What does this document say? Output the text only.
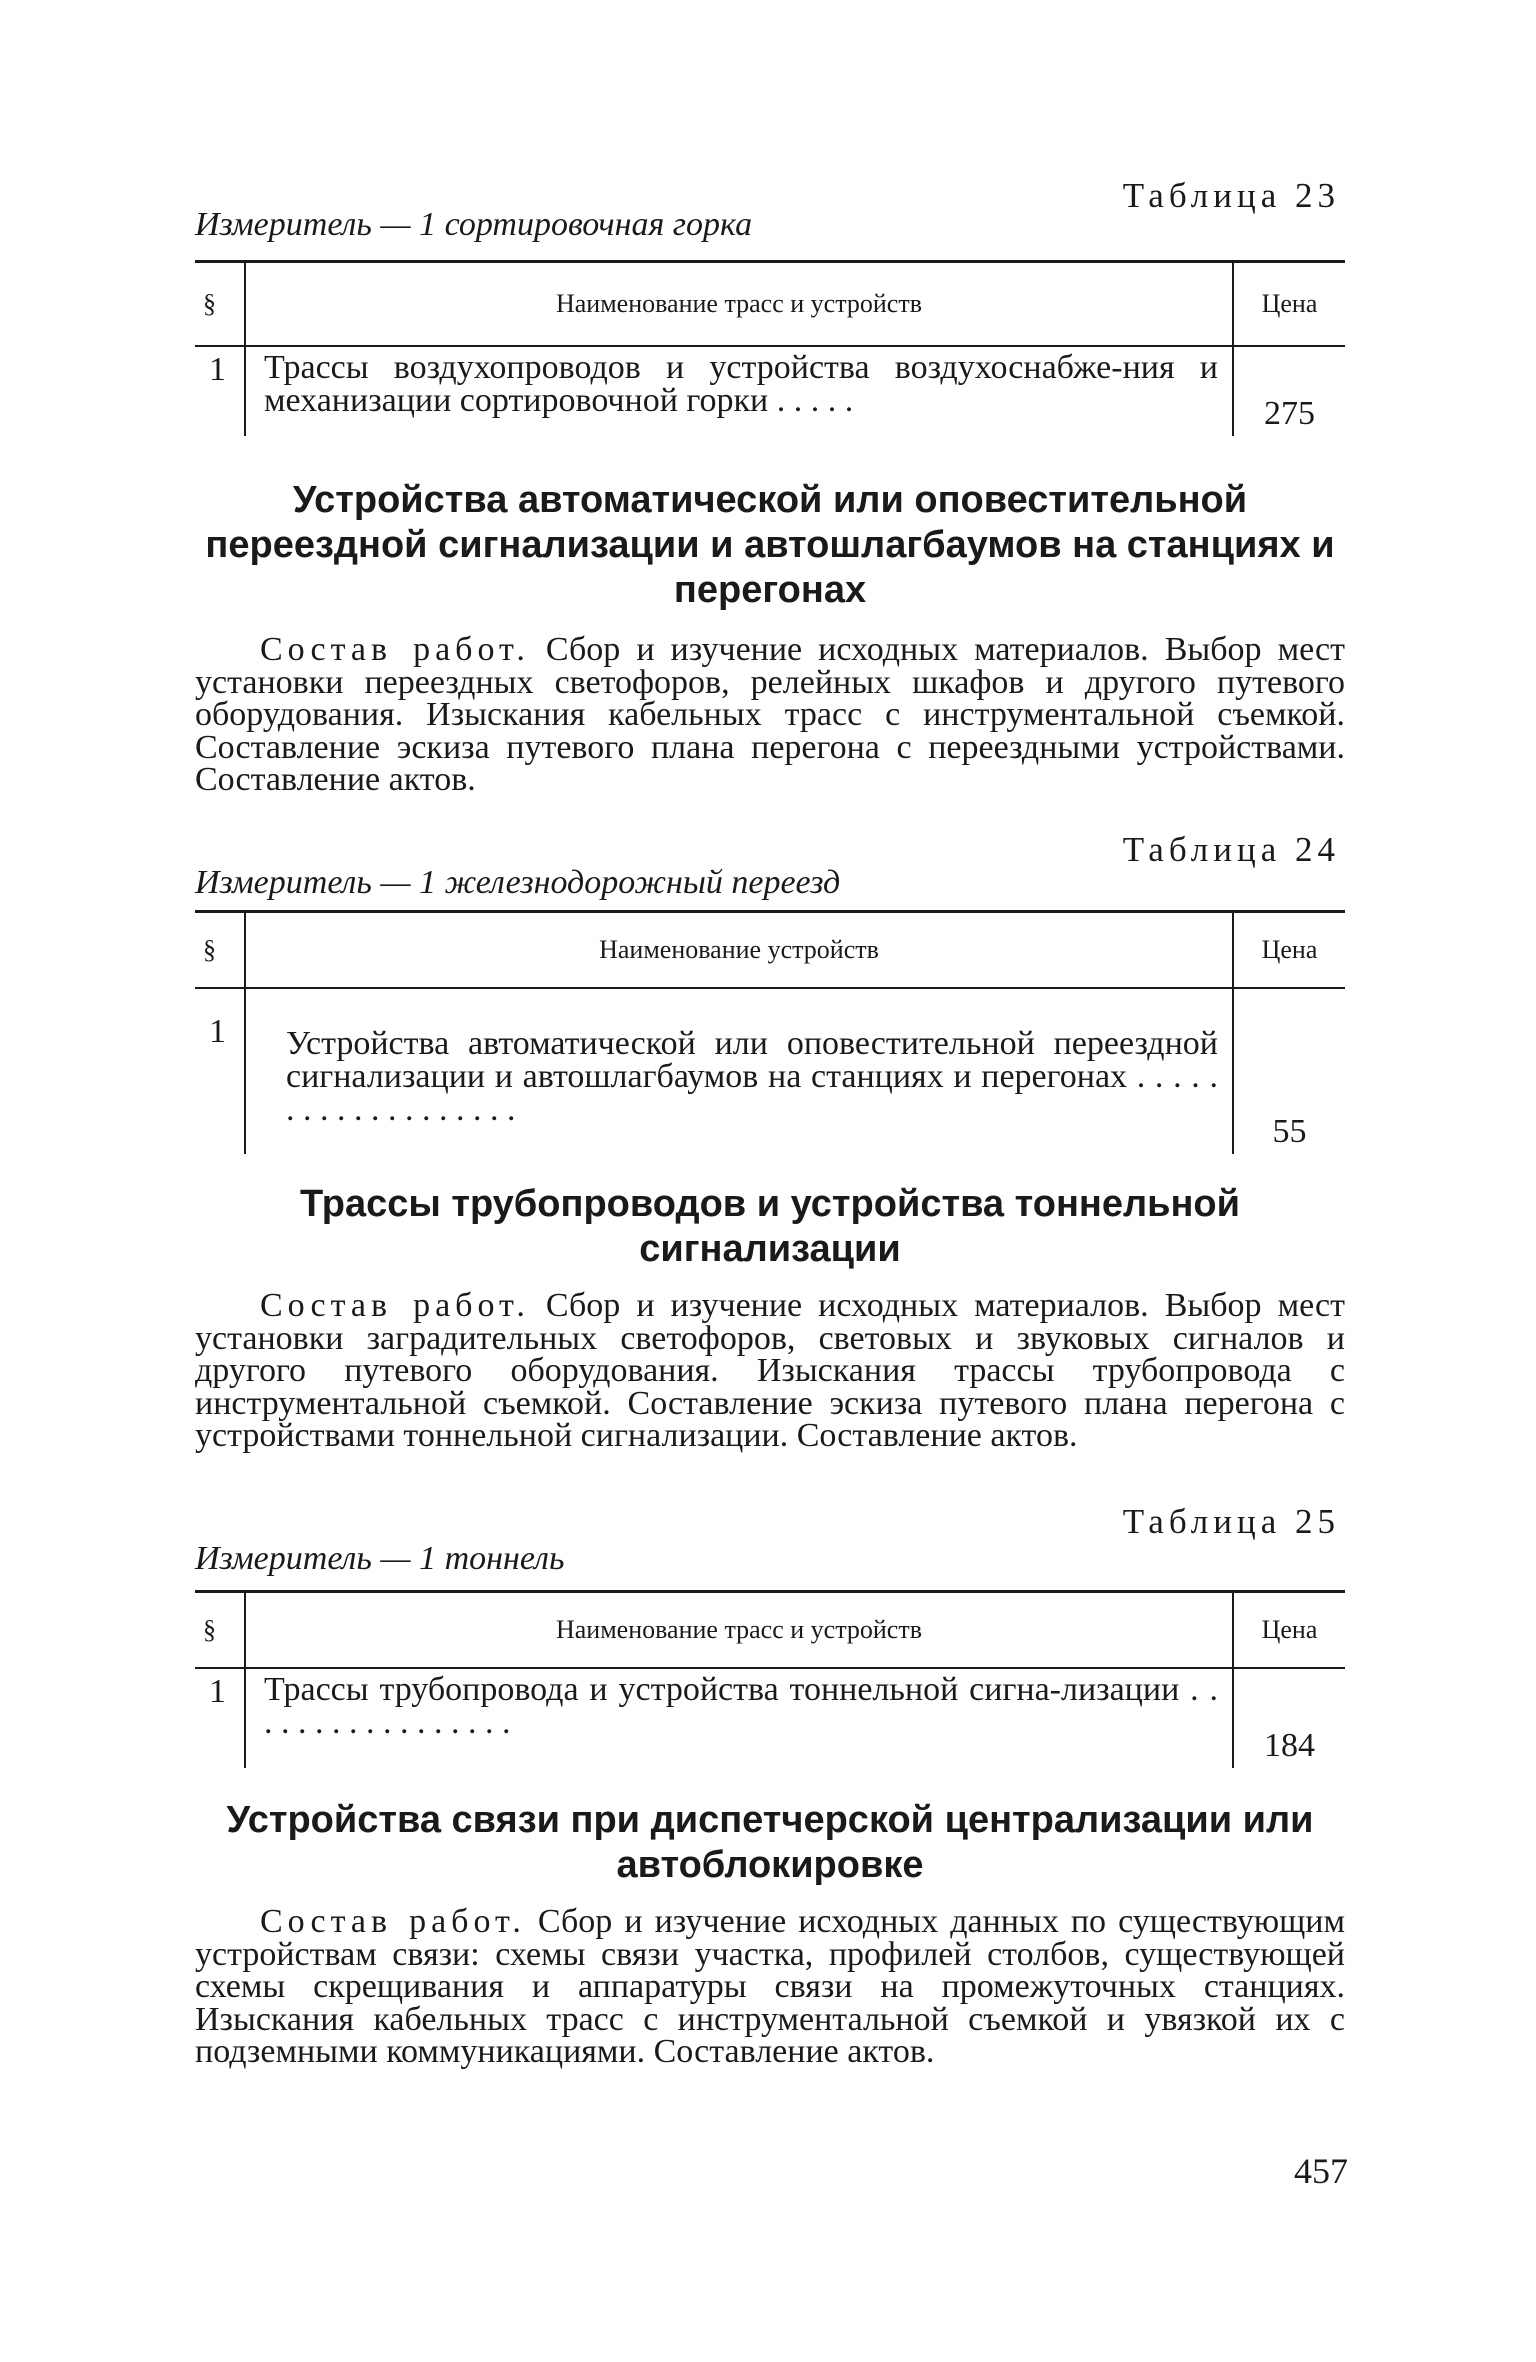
Таблица 23
Измеритель — 1 сортировочная горка
§	Наименование трасс и устройств	Цена
1	Трассы воздухопроводов и устройства воздухоснабже-ния и механизации сортировочной горки . . . . .	275
Устройства автоматической или оповестительной переездной сигнализации и автошлагбаумов на станциях и перегонах
Состав работ. Сбор и изучение исходных материалов. Выбор мест установки переездных светофоров, релейных шкафов и другого путевого оборудования. Изыскания кабельных трасс с инструментальной съемкой. Составление эскиза путевого плана перегона с переездными устройствами. Составление актов.
Таблица 24
Измеритель — 1 железнодорожный переезд
§	Наименование устройств	Цена
1	Устройства автоматической или оповестительной переездной сигнализации и автошлагбаумов на станциях и перегонах . . . . . . . . . . . . . . . . . . .	55
Трассы трубопроводов и устройства тоннельной сигнализации
Состав работ. Сбор и изучение исходных материалов. Выбор мест установки заградительных светофоров, световых и звуковых сигналов и другого путевого оборудования. Изыскания трассы трубопровода с инструментальной съемкой. Составление эскиза путевого плана перегона с устройствами тоннельной сигнализации. Составление актов.
Таблица 25
Измеритель — 1 тоннель
§	Наименование трасс и устройств	Цена
1	Трассы трубопровода и устройства тоннельной сигна-лизации . . . . . . . . . . . . . . . . .	184
Устройства связи при диспетчерской централизации или автоблокировке
Состав работ. Сбор и изучение исходных данных по существующим устройствам связи: схемы связи участка, профилей столбов, существующей схемы скрещивания и аппаратуры связи на промежуточных станциях. Изыскания кабельных трасс с инструментальной съемкой и увязкой их с подземными коммуникациями. Составление актов.
457
